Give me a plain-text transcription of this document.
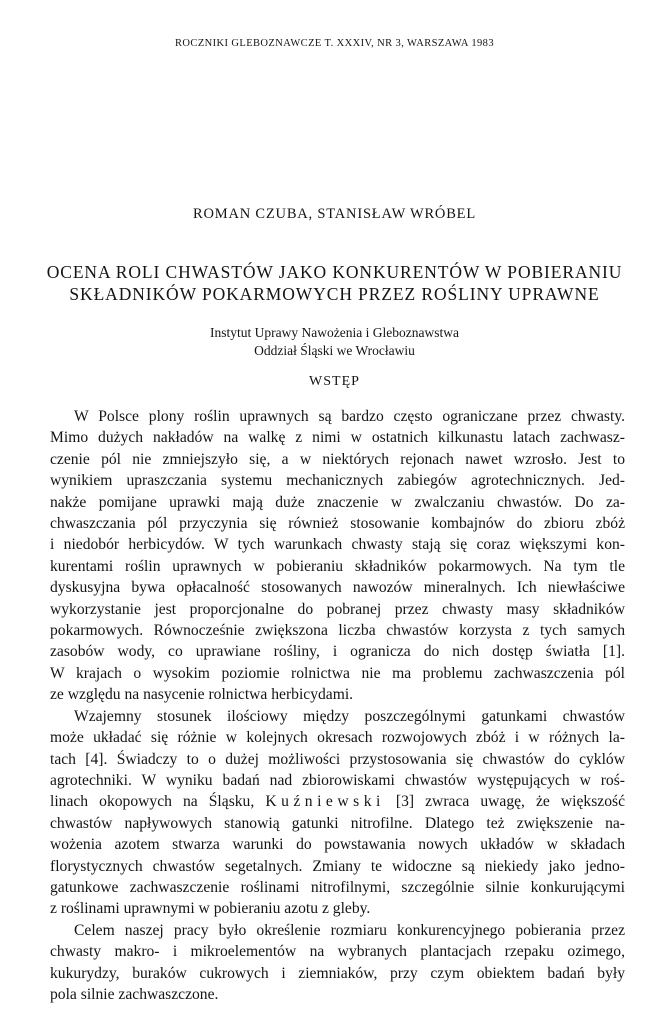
ROCZNIKI GLEBOZNAWCZE T. XXXIV, NR 3, WARSZAWA 1983
ROMAN CZUBA, STANISŁAW WRÓBEL
OCENA ROLI CHWASTÓW JAKO KONKURENTÓW W POBIERANIU
SKŁADNIKÓW POKARMOWYCH PRZEZ ROŚLINY UPRAWNE
Instytut Uprawy Nawożenia i Gleboznawstwa
Oddział Śląski we Wrocławiu
WSTĘP
W Polsce plony roślin uprawnych są bardzo często ograniczane przez chwasty.
Mimo dużych nakładów na walkę z nimi w ostatnich kilkunastu latach zachwasz-
czenie pól nie zmniejszyło się, a w niektórych rejonach nawet wzrosło. Jest to
wynikiem upraszczania systemu mechanicznych zabiegów agrotechnicznych. Jed-
nakże pomijane uprawki mają duże znaczenie w zwalczaniu chwastów. Do za-
chwaszczania pól przyczynia się również stosowanie kombajnów do zbioru zbóż
i niedobór herbicydów. W tych warunkach chwasty stają się coraz większymi kon-
kurentami roślin uprawnych w pobieraniu składników pokarmowych. Na tym tle
dyskusyjna bywa opłacalność stosowanych nawozów mineralnych. Ich niewłaściwe
wykorzystanie jest proporcjonalne do pobranej przez chwasty masy składników
pokarmowych. Równocześnie zwiększona liczba chwastów korzysta z tych samych
zasobów wody, co uprawiane rośliny, i ogranicza do nich dostęp światła [1].
W krajach o wysokim poziomie rolnictwa nie ma problemu zachwaszczenia pól
ze względu na nasycenie rolnictwa herbicydami.
Wzajemny stosunek ilościowy między poszczególnymi gatunkami chwastów
może układać się różnie w kolejnych okresach rozwojowych zbóż i w różnych la-
tach [4]. Świadczy to o dużej możliwości przystosowania się chwastów do cyklów
agrotechniki. W wyniku badań nad zbiorowiskami chwastów występujących w roś-
linach okopowych na Śląsku, Kuźniewski [3] zwraca uwagę, że większość
chwastów napływowych stanowią gatunki nitrofilne. Dlatego też zwiększenie na-
wożenia azotem stwarza warunki do powstawania nowych układów w składach
florystycznych chwastów segetalnych. Zmiany te widoczne są niekiedy jako jedno-
gatunkowe zachwaszczenie roślinami nitrofilnymi, szczególnie silnie konkurującymi
z roślinami uprawnymi w pobieraniu azotu z gleby.
Celem naszej pracy było określenie rozmiaru konkurencyjnego pobierania przez
chwasty makro- i mikroelementów na wybranych plantacjach rzepaku ozimego,
kukurydzy, buraków cukrowych i ziemniaków, przy czym obiektem badań były
pola silnie zachwaszczone.
